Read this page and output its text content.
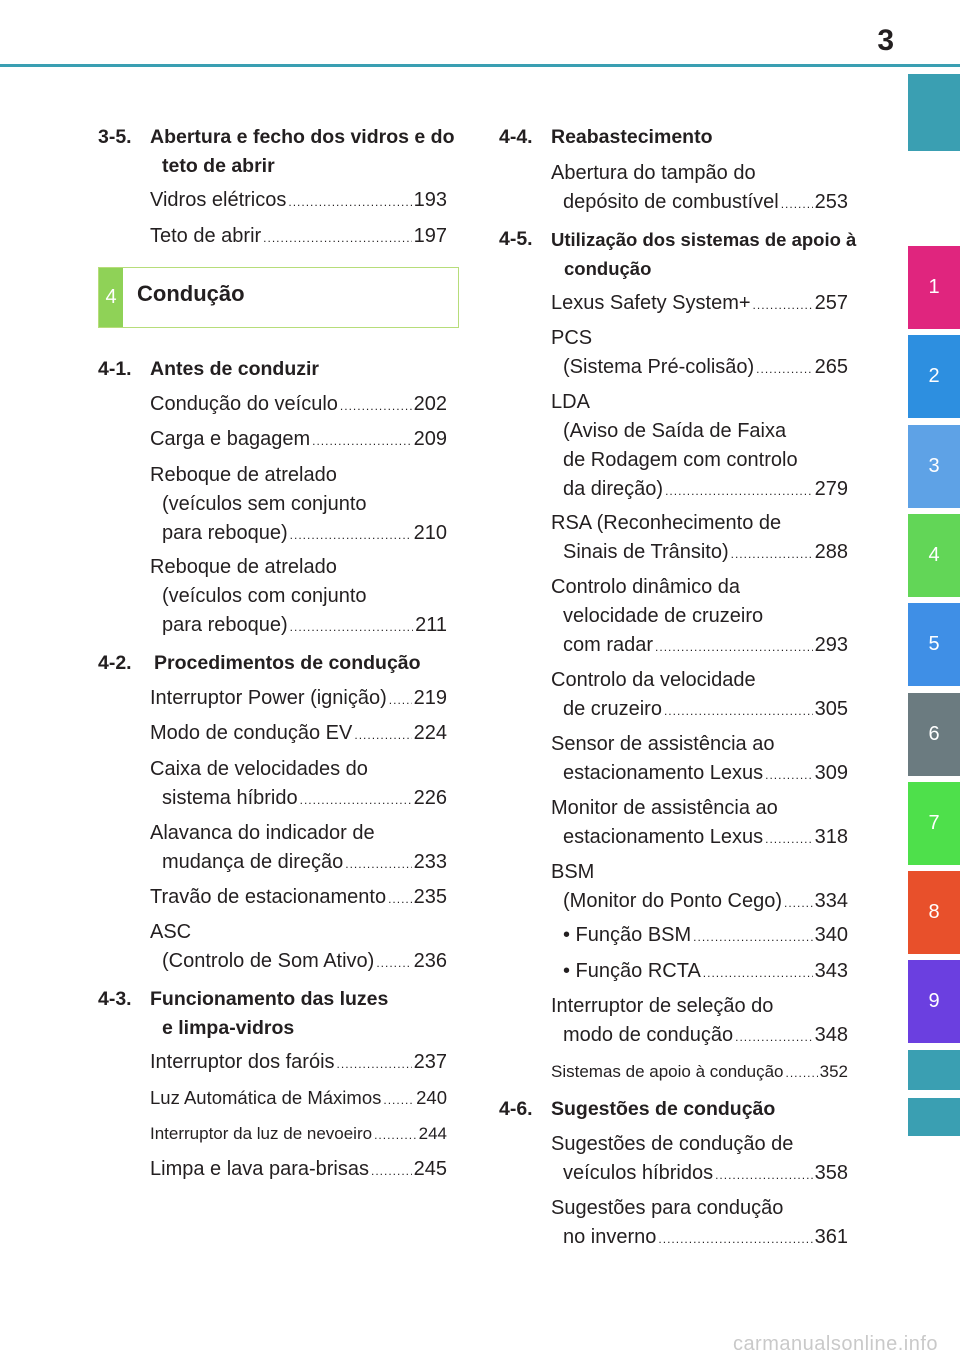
3
1
2
3
4
5
6
7
8
9
3-5. Abertura e fecho dos vidros e do
teto de abrir
Vidros elétricos .....	193
Teto de abrir .....	197
4 Condução
4-1. Antes de conduzir
Condução do veículo .....	202
Carga e bagagem .....	209
Reboque de atrelado
(veículos sem conjunto
para reboque) .....	210
Reboque de atrelado
(veículos com conjunto
para reboque) .....	211
4-2. Procedimentos de condução
Interruptor Power (ignição) ..... 219
Modo de condução EV .....	224
Caixa de velocidades do
sistema híbrido .....	226
Alavanca do indicador de
mudança de direção .....	233
Travão de estacionamento ..... 235
ASC
(Controlo de Som Ativo) ..... 236
4-3. Funcionamento das luzes
e limpa-vidros
Interruptor dos faróis .....	237
Luz Automática de Máximos ..... 240
Interruptor da luz de nevoeiro .....	244
Limpa e lava para-brisas ..... 245
4-4. Reabastecimento
Abertura do tampão do
depósito de combustível ..... 253
4-5. Utilização dos sistemas de apoio à
condução
Lexus Safety System+ .....	257
PCS
(Sistema Pré-colisão) .....	265
LDA
(Aviso de Saída de Faixa
de Rodagem com controlo
da direção) .....	279
RSA (Reconhecimento de
Sinais de Trânsito) .....	288
Controlo dinâmico da
velocidade de cruzeiro
com radar .....	293
Controlo da velocidade
de cruzeiro .....	305
Sensor de assistência ao
estacionamento Lexus .....	309
Monitor de assistência ao
estacionamento Lexus .....	318
BSM
(Monitor do Ponto Cego) ..... 334
• Função BSM .....	340
• Função RCTA .....	343
Interruptor de seleção do
modo de condução .....	348
Sistemas de apoio à condução ..... 352
4-6. Sugestões de condução
Sugestões de condução de
veículos híbridos .....	358
Sugestões para condução
no inverno .....	361
carmanualsonline.info
